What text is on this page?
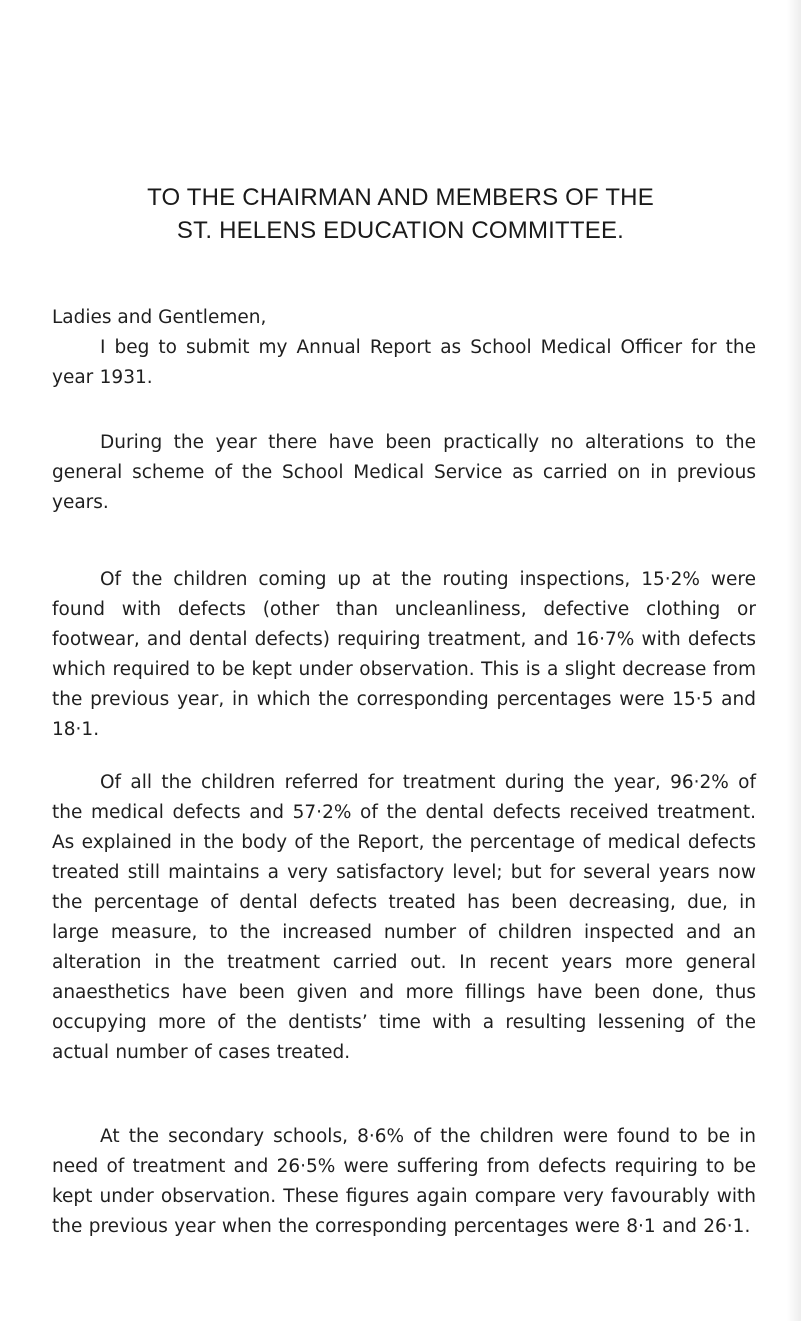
TO THE CHAIRMAN AND MEMBERS OF THE
ST. HELENS EDUCATION COMMITTEE.

Ladies and Gentlemen,

I beg to submit my Annual Report as School Medical Officer for the year 1931.

During the year there have been practically no alterations to the general scheme of the School Medical Service as carried on in previous years.

Of the children coming up at the routing inspections, 15·2% were found with defects (other than uncleanliness, defective clothing or footwear, and dental defects) requiring treatment, and 16·7% with defects which required to be kept under observation. This is a slight decrease from the previous year, in which the corresponding percentages were 15·5 and 18·1.

Of all the children referred for treatment during the year, 96·2% of the medical defects and 57·2% of the dental defects received treatment. As explained in the body of the Report, the percentage of medical defects treated still maintains a very satisfactory level; but for several years now the percentage of dental defects treated has been decreasing, due, in large measure, to the increased number of children inspected and an alteration in the treatment carried out. In recent years more general anaesthetics have been given and more fillings have been done, thus occupying more of the dentists’ time with a resulting lessening of the actual number of cases treated.

At the secondary schools, 8·6% of the children were found to be in need of treatment and 26·5% were suffering from defects requiring to be kept under observation. These figures again compare very favourably with the previous year when the corresponding percentages were 8·1 and 26·1.
